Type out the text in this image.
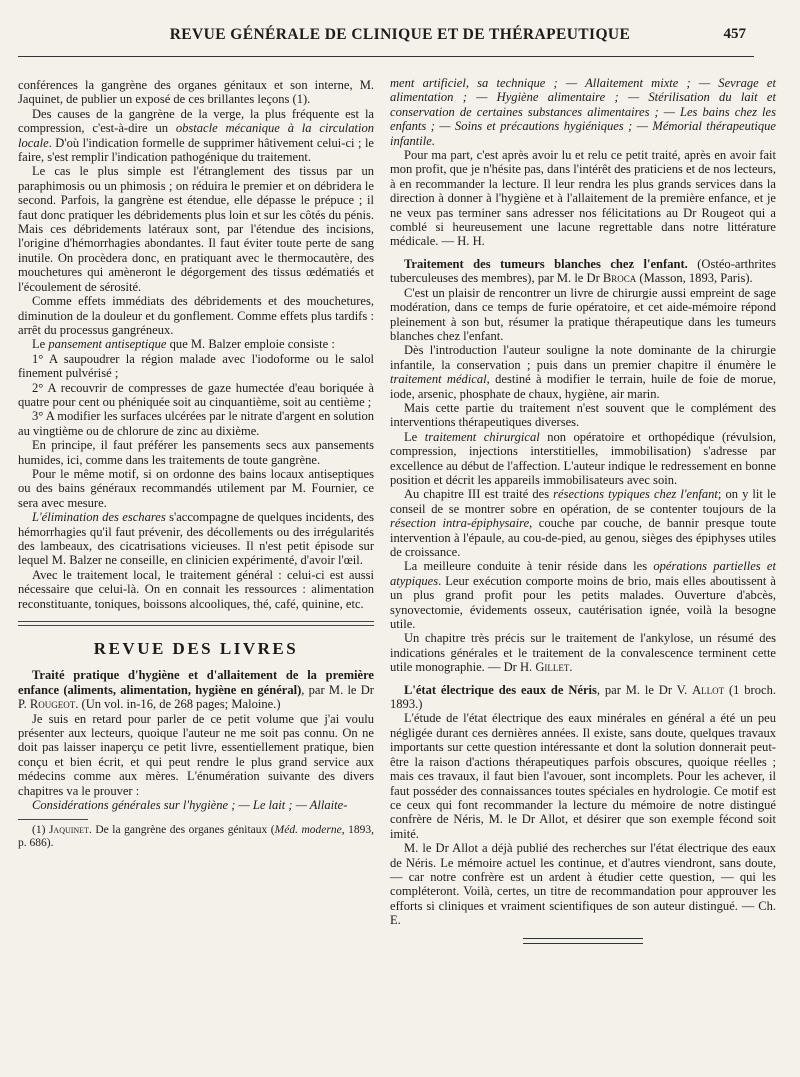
REVUE GÉNÉRALE DE CLINIQUE ET DE THÉRAPEUTIQUE	457

conférences la gangrène des organes génitaux et son interne, M. Jaquinet, de publier un exposé de ces brillantes leçons (1).

Des causes de la gangrène de la verge, la plus fréquente est la compression, c'est-à-dire un obstacle mécanique à la circulation locale. D'où l'indication formelle de supprimer hâtivement celui-ci ; le faire, s'est remplir l'indication pathogénique du traitement.

Le cas le plus simple est l'étranglement des tissus par un paraphimosis ou un phimosis ; on réduira le premier et on débridera le second. Parfois, la gangrène est étendue, elle dépasse le prépuce ; il faut donc pratiquer les débridements plus loin et sur les côtés du pénis. Mais ces débridements latéraux sont, par l'étendue des incisions, l'origine d'hémorrhagies abondantes. Il faut éviter toute perte de sang inutile. On procèdera donc, en pratiquant avec le thermocautère, des mouchetures qui amèneront le dégorgement des tissus œdématiés et l'écoulement de sérosité.

Comme effets immédiats des débridements et des mouchetures, diminution de la douleur et du gonflement. Comme effets plus tardifs : arrêt du processus gangréneux.

Le pansement antiseptique que M. Balzer emploie consiste :

1° A saupoudrer la région malade avec l'iodoforme ou le salol finement pulvérisé ;

2° A recouvrir de compresses de gaze humectée d'eau boriquée à quatre pour cent ou phéniquée soit au cinquantième, soit au centième ;

3° A modifier les surfaces ulcérées par le nitrate d'argent en solution au vingtième ou de chlorure de zinc au dixième.

En principe, il faut préférer les pansements secs aux pansements humides, ici, comme dans les traitements de toute gangrène.

Pour le même motif, si on ordonne des bains locaux antiseptiques ou des bains généraux recommandés utilement par M. Fournier, ce sera avec mesure.

L'élimination des eschares s'accompagne de quelques incidents, des hémorrhagies qu'il faut prévenir, des décollements ou des irrégularités des lambeaux, des cicatrisations vicieuses. Il n'est petit épisode sur lequel M. Balzer ne conseille, en clinicien expérimenté, d'avoir l'œil.

Avec le traitement local, le traitement général : celui-ci est aussi nécessaire que celui-là. On en connait les ressources : alimentation reconstituante, toniques, boissons alcooliques, thé, café, quinine, etc.

REVUE DES LIVRES

Traité pratique d'hygiène et d'allaitement de la première enfance (aliments, alimentation, hygiène en général), par M. le Dr P. Rougeot. (Un vol. in-16, de 268 pages; Maloine.)

Je suis en retard pour parler de ce petit volume que j'ai voulu présenter aux lecteurs, quoique l'auteur ne me soit pas connu. On ne doit pas laisser inaperçu ce petit livre, essentiellement pratique, bien conçu et bien écrit, et qui peut rendre le plus grand service aux médecins comme aux mères. L'énumération suivante des divers chapitres va le prouver :

Considérations générales sur l'hygiène ; — Le lait ; — Allaite-

(1) Jaquinet. De la gangrène des organes génitaux (Méd. moderne, 1893, p. 686).

ment artificiel, sa technique ; — Allaitement mixte ; — Sevrage et alimentation ; — Hygiène alimentaire ; — Stérilisation du lait et conservation de certaines substances alimentaires ; — Les bains chez les enfants ; — Soins et précautions hygiéniques ; — Mémorial thérapeutique infantile.

Pour ma part, c'est après avoir lu et relu ce petit traité, après en avoir fait mon profit, que je n'hésite pas, dans l'intérêt des praticiens et de nos lecteurs, à en recommander la lecture. Il leur rendra les plus grands services dans la direction à donner à l'hygiène et à l'allaitement de la première enfance, et je ne veux pas terminer sans adresser nos félicitations au Dr Rougeot qui a comblé si heureusement une lacune regrettable dans notre littérature médicale. — H. H.

Traitement des tumeurs blanches chez l'enfant. (Ostéo-arthrites tuberculeuses des membres), par M. le Dr Broca (Masson, 1893, Paris).

C'est un plaisir de rencontrer un livre de chirurgie aussi empreint de sage modération, dans ce temps de furie opératoire, et cet aide-mémoire répond pleinement à son but, résumer la pratique thérapeutique dans les tumeurs blanches chez l'enfant.

Dès l'introduction l'auteur souligne la note dominante de la chirurgie infantile, la conservation ; puis dans un premier chapitre il énumère le traitement médical, destiné à modifier le terrain, huile de foie de morue, iode, arsenic, phosphate de chaux, hygiène, air marin.

Mais cette partie du traitement n'est souvent que le complément des interventions thérapeutiques diverses.

Le traitement chirurgical non opératoire et orthopédique (révulsion, compression, injections interstitielles, immobilisation) s'adresse par excellence au début de l'affection. L'auteur indique le redressement en bonne position et décrit les appareils immobilisateurs avec soin.

Au chapitre III est traité des résections typiques chez l'enfant; on y lit le conseil de se montrer sobre en opération, de se contenter toujours de la résection intra-épiphysaire, couche par couche, de bannir presque toute intervention à l'épaule, au cou-de-pied, au genou, sièges des épiphyses utiles de croissance.

La meilleure conduite à tenir réside dans les opérations partielles et atypiques. Leur exécution comporte moins de brio, mais elles aboutissent à un plus grand profit pour les petits malades. Ouverture d'abcès, synovectomie, évidements osseux, cautérisation ignée, voilà la besogne utile.

Un chapitre très précis sur le traitement de l'ankylose, un résumé des indications générales et le traitement de la convalescence terminent cette utile monographie. — Dr H. Gillet.

L'état électrique des eaux de Néris, par M. le Dr V. Allot (1 broch. 1893.)

L'étude de l'état électrique des eaux minérales en général a été un peu négligée durant ces dernières années. Il existe, sans doute, quelques travaux importants sur cette question intéressante et dont la solution donnerait peut-être la raison d'actions thérapeutiques parfois obscures, quoique réelles ; mais ces travaux, il faut bien l'avouer, sont incomplets. Pour les achever, il faut posséder des connaissances toutes spéciales en hydrologie. Ce motif est ce ceux qui font recommander la lecture du mémoire de notre distingué confrère de Néris, M. le Dr Allot, et désirer que son exemple fécond soit imité.

M. le Dr Allot a déjà publié des recherches sur l'état électrique des eaux de Néris. Le mémoire actuel les continue, et d'autres viendront, sans doute, — car notre confrère est un ardent à étudier cette question, — qui les compléteront. Voilà, certes, un titre de recommandation pour approuver les efforts si cliniques et vraiment scientifiques de son auteur distingué. — Ch. E.
